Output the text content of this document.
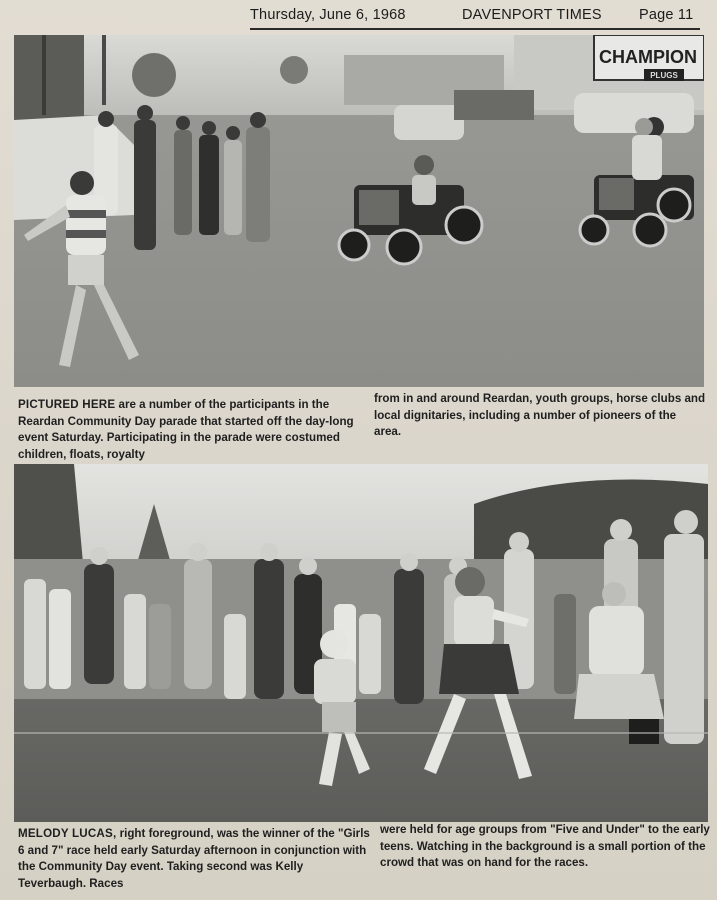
Thursday, June 6, 1968	DAVENPORT TIMES	Page 11
CHAMPION
PLUGS
PICTURED HERE are a number of the participants in the Reardan Community Day parade that started off the day-long event Saturday. Participating in the parade were costumed children, floats, royalty
from in and around Reardan, youth groups, horse clubs and local dignitaries, including a number of pioneers of the area.
MELODY LUCAS, right foreground, was the winner of the "Girls 6 and 7" race held early Saturday afternoon in conjunction with the Community Day event. Taking second was Kelly Teverbaugh. Races
were held for age groups from "Five and Under" to the early teens. Watching in the background is a small portion of the crowd that was on hand for the races.
